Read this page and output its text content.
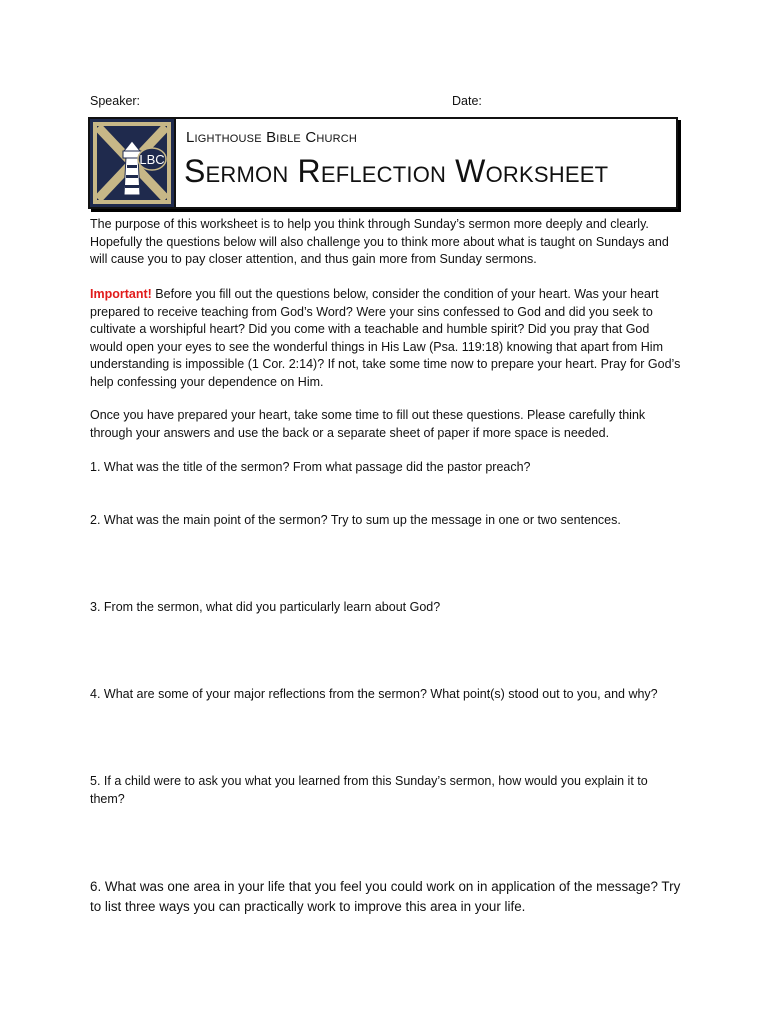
Speaker:	Date:
LBC
Lighthouse Bible Church
Sermon Reflection Worksheet
The purpose of this worksheet is to help you think through Sunday’s sermon more deeply and clearly. Hopefully the questions below will also challenge you to think more about what is taught on Sundays and will cause you to pay closer attention, and thus gain more from Sunday sermons.
Important! Before you fill out the questions below, consider the condition of your heart. Was your heart prepared to receive teaching from God’s Word? Were your sins confessed to God and did you seek to cultivate a worshipful heart? Did you come with a teachable and humble spirit? Did you pray that God would open your eyes to see the wonderful things in His Law (Psa. 119:18) knowing that apart from Him understanding is impossible (1 Cor. 2:14)? If not, take some time now to prepare your heart. Pray for God’s help confessing your dependence on Him.
Once you have prepared your heart, take some time to fill out these questions. Please carefully think through your answers and use the back or a separate sheet of paper if more space is needed.
1. What was the title of the sermon? From what passage did the pastor preach?
2. What was the main point of the sermon? Try to sum up the message in one or two sentences.
3. From the sermon, what did you particularly learn about God?
4. What are some of your major reflections from the sermon? What point(s) stood out to you, and why?
5. If a child were to ask you what you learned from this Sunday’s sermon, how would you explain it to them?
6. What was one area in your life that you feel you could work on in application of the message? Try to list three ways you can practically work to improve this area in your life.
